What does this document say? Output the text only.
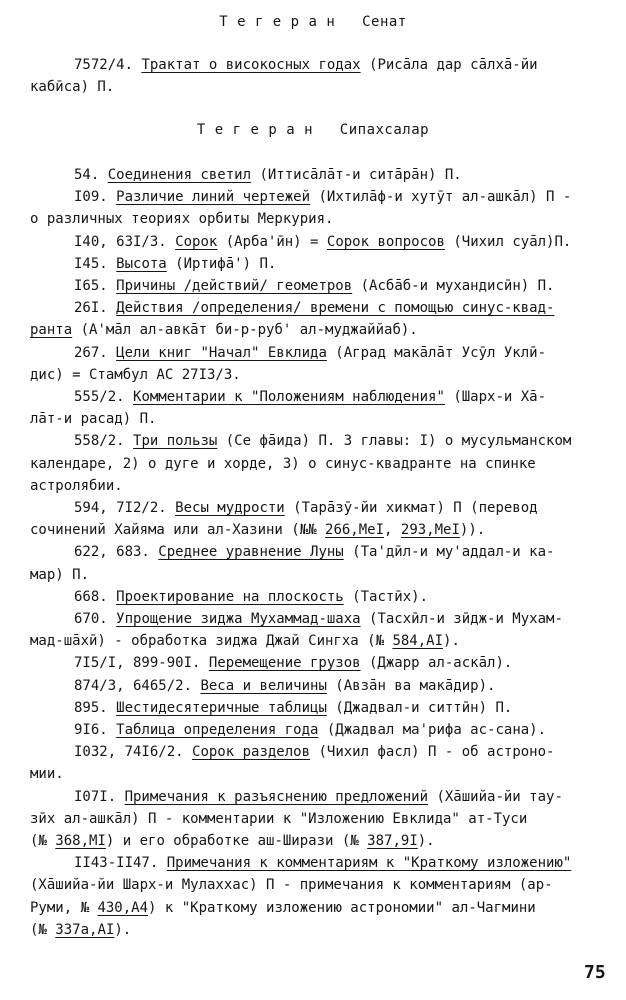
Т е г е р а н   Сенат
7572/4. Трактат о високосных годах (Рисāла дар сāлхā-йи
кабӣса) П.
Т е г е р а н   Сипахсалар
54. Соединения светил (Иттисāлāт-и ситāрāн) П.
I09. Различие линий чертежей (Ихтилāф-и хутӯт ал-ашкāл) П -
о различных теориях орбиты Меркурия.
I40, 63I/3. Сорок (Арба'ӣн) = Сорок вопросов (Чихил суāл)П.
I45. Высота (Иртифā') П.
I65. Причины /действий/ геометров (Асбāб-и мухандисӣн) П.
26I. Действия /определения/ времени с помощью синус-квад-
ранта (А'мāл ал-авкāт би-р-руб' ал-муджаййаб).
267. Цели книг "Начал" Евклида (Аград макāлāт Усӯл Уклӣ-
дис) = Стамбул АС 27I3/3.
555/2. Комментарии к "Положениям наблюдения" (Шарх-и Хā-
лāт-и расад) П.
558/2. Три пользы (Се фāида) П. 3 главы: I) о мусульманском
календаре, 2) о дуге и хорде, 3) о синус-квадранте на спинке
астролябии.
594, 7I2/2. Весы мудрости (Тарāзӯ-йи хикмат) П (перевод
сочинений Хайяма или ал-Хазини (№№ 266,МеI, 293,МеI)).
622, 683. Среднее уравнение Луны (Та'дӣл-и му'аддал-и ка-
мар) П.
668. Проектирование на плоскость (Тастӣх).
670. Упрощение зиджа Мухаммад-шаха (Тасхӣл-и зӣдж-и Мухам-
мад-шāхӣ) - обработка зиджа Джай Сингха (№ 584,АI).
7I5/I, 899-90I. Перемещение грузов (Джарр ал-аскāл).
874/3, 6465/2. Веса и величины (Авзāн ва макāдир).
895. Шестидесятеричные таблицы (Джадвал-и ситтӣн) П.
9I6. Таблица определения года (Джадвал ма'рифа ас-сана).
I032, 74I6/2. Сорок разделов (Чихил фасл) П - об астроно-
мии.
I07I. Примечания к разъяснению предложений (Хāшийа-йи тау-
зӣх ал-ашкāл) П - комментарии к "Изложению Евклида" ат-Туси
(№ 368,МI) и его обработке аш-Ширази (№ 387,9I).
II43-II47. Примечания к комментариям к "Краткому изложению"
(Хāшийа-йи Шарх-и Мулаххас) П - примечания к комментариям (ар-
Руми, № 430,А4) к "Краткому изложению астрономии" ал-Чагмини
(№ 337а,АI).
75
